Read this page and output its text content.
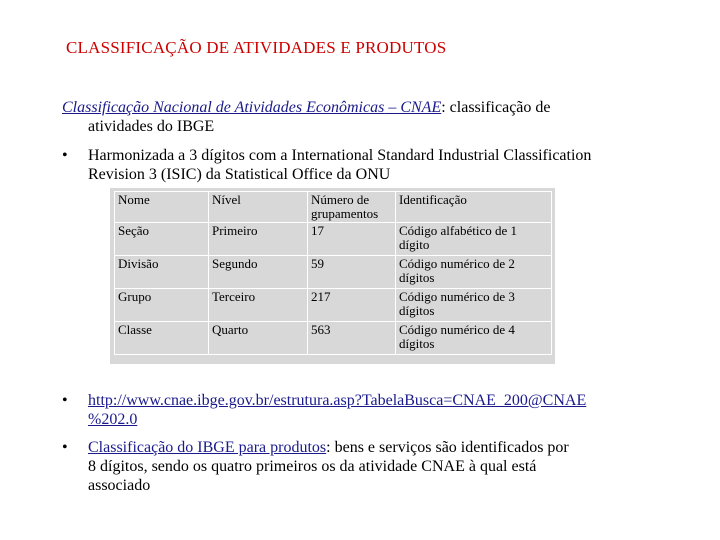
CLASSIFICAÇÃO DE ATIVIDADES E PRODUTOS
Classificação Nacional de Atividades Econômicas – CNAE: classificação de
atividades do IBGE
• Harmonizada a 3 dígitos com a International Standard Industrial Classification
Revision 3 (ISIC) da Statistical Office da ONU
Nome	Nível	Número de grupamentos	Identificação
Seção	Primeiro	17	Código alfabético de 1 dígito
Divisão	Segundo	59	Código numérico de 2 dígitos
Grupo	Terceiro	217	Código numérico de 3 dígitos
Classe	Quarto	563	Código numérico de 4 dígitos
• http://www.cnae.ibge.gov.br/estrutura.asp?TabelaBusca=CNAE_200@CNAE
%202.0
• Classificação do IBGE para produtos: bens e serviços são identificados por
8 dígitos, sendo os quatro primeiros os da atividade CNAE à qual está
associado
